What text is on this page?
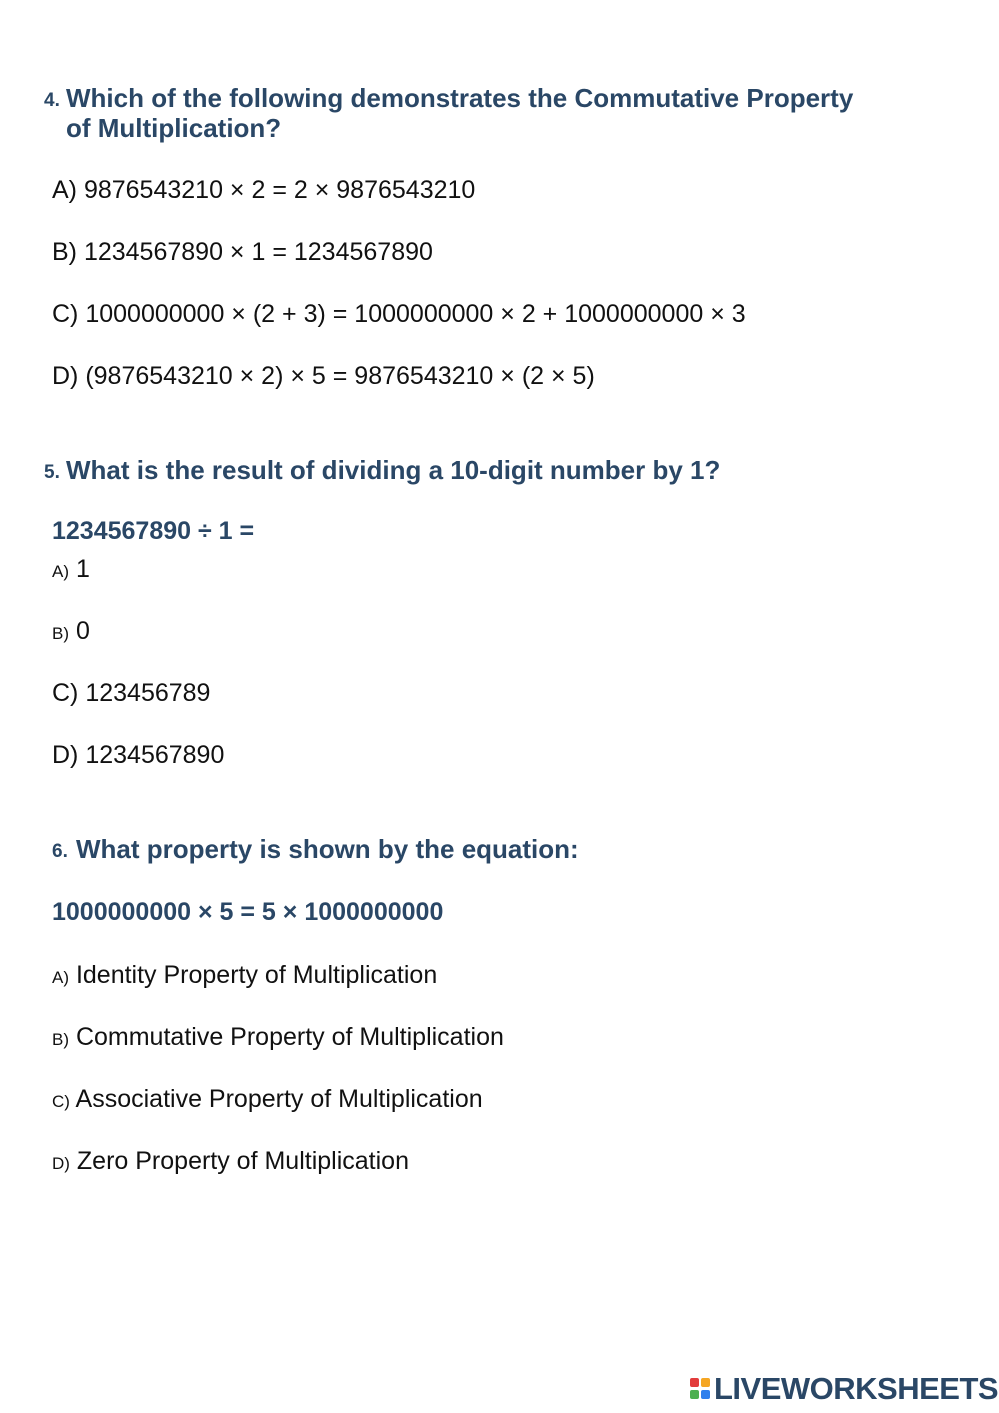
4. Which of the following demonstrates the Commutative Property
of Multiplication?
A) 9876543210 × 2 = 2 × 9876543210
B) 1234567890 × 1 = 1234567890
C) 1000000000 × (2 + 3) = 1000000000 × 2 + 1000000000 × 3
D) (9876543210 × 2) × 5 = 9876543210 × (2 × 5)
5. What is the result of dividing a 10-digit number by 1?
1234567890 ÷ 1 =
A) 1
B) 0
C) 123456789
D) 1234567890
6. What property is shown by the equation:
1000000000 × 5 = 5 × 1000000000
A) Identity Property of Multiplication
B) Commutative Property of Multiplication
C) Associative Property of Multiplication
D) Zero Property of Multiplication
LIVEWORKSHEETS
